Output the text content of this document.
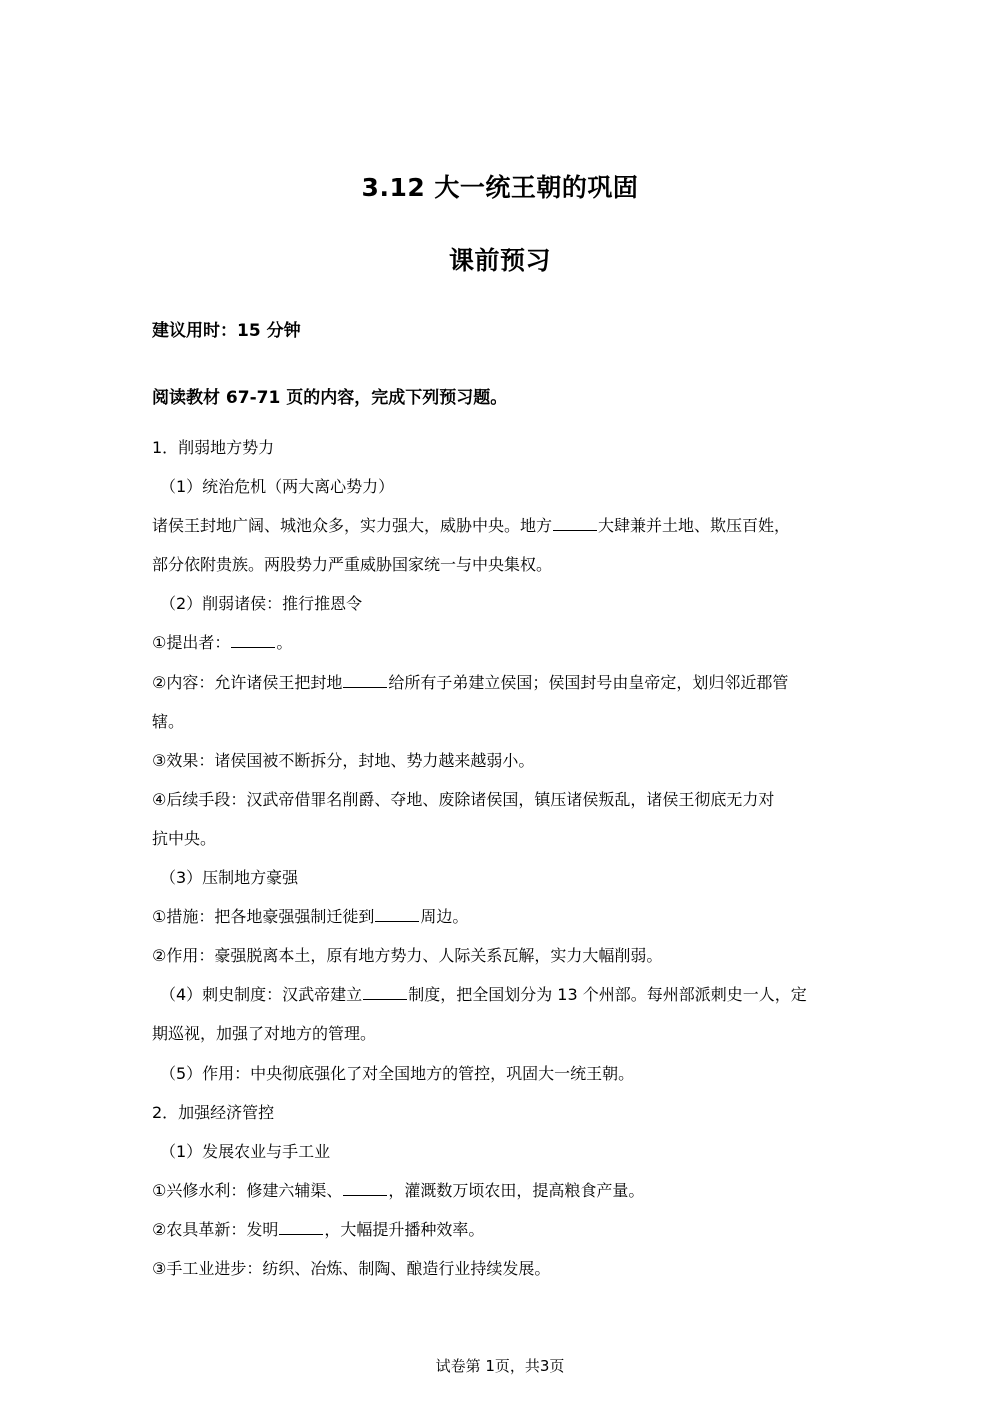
3.12 大一统王朝的巩固
课前预习
建议用时：15 分钟
阅读教材 67-71 页的内容，完成下列预习题。
1．削弱地方势力
（1）统治危机（两大离心势力）
诸侯王封地广阔、城池众多，实力强大，威胁中央。地方	大肆兼并土地、欺压百姓，
部分依附贵族。两股势力严重威胁国家统一与中央集权。
（2）削弱诸侯：推行推恩令
①提出者：	。
②内容：允许诸侯王把封地	给所有子弟建立侯国；侯国封号由皇帝定，划归邻近郡管
辖。
③效果：诸侯国被不断拆分，封地、势力越来越弱小。
④后续手段：汉武帝借罪名削爵、夺地、废除诸侯国，镇压诸侯叛乱，诸侯王彻底无力对
抗中央。
（3）压制地方豪强
①措施：把各地豪强强制迁徙到	周边。
②作用：豪强脱离本土，原有地方势力、人际关系瓦解，实力大幅削弱。
（4）刺史制度：汉武帝建立	制度，把全国划分为 13 个州部。每州部派刺史一人，定
期巡视，加强了对地方的管理。
（5）作用：中央彻底强化了对全国地方的管控，巩固大一统王朝。
2．加强经济管控
（1）发展农业与手工业
①兴修水利：修建六辅渠、	，灌溉数万顷农田，提高粮食产量。
②农具革新：发明	，大幅提升播种效率。
③手工业进步：纺织、冶炼、制陶、酿造行业持续发展。
试卷第 1页，共3页
